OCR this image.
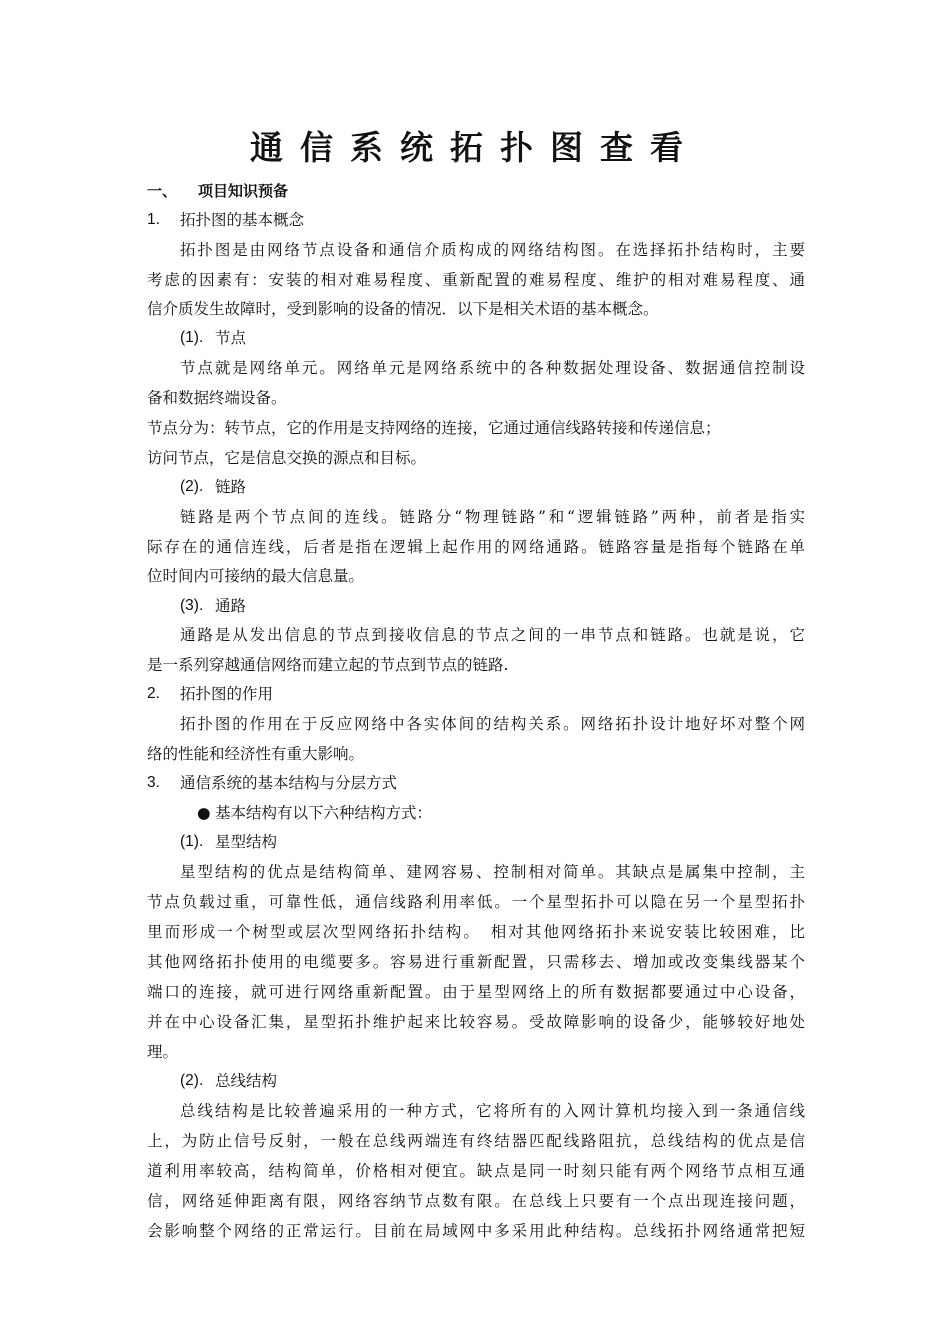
通信系统拓扑图查看
一、 项目知识预备
1. 拓扑图的基本概念
拓扑图是由网络节点设备和通信介质构成的网络结构图。在选择拓扑结构时，主要
考虑的因素有：安装的相对难易程度、重新配置的难易程度、维护的相对难易程度、通
信介质发生故障时，受到影响的设备的情况．以下是相关术语的基本概念。
(1). 节点
节点就是网络单元。网络单元是网络系统中的各种数据处理设备、数据通信控制设
备和数据终端设备。
节点分为：转节点，它的作用是支持网络的连接，它通过通信线路转接和传递信息；
访问节点，它是信息交换的源点和目标。
(2). 链路
链路是两个节点间的连线。链路分“物理链路”和“逻辑链路”两种，前者是指实
际存在的通信连线，后者是指在逻辑上起作用的网络通路。链路容量是指每个链路在单
位时间内可接纳的最大信息量。
(3). 通路
通路是从发出信息的节点到接收信息的节点之间的一串节点和链路。也就是说，它
是一系列穿越通信网络而建立起的节点到节点的链路.
2. 拓扑图的作用
拓扑图的作用在于反应网络中各实体间的结构关系。网络拓扑设计地好坏对整个网
络的性能和经济性有重大影响。
3. 通信系统的基本结构与分层方式
● 基本结构有以下六种结构方式：
(1). 星型结构
星型结构的优点是结构简单、建网容易、控制相对简单。其缺点是属集中控制，主
节点负载过重，可靠性低，通信线路利用率低。一个星型拓扑可以隐在另一个星型拓扑
里而形成一个树型或层次型网络拓扑结构。　相对其他网络拓扑来说安装比较困难，比
其他网络拓扑使用的电缆要多。容易进行重新配置，只需移去、增加或改变集线器某个
端口的连接，就可进行网络重新配置。由于星型网络上的所有数据都要通过中心设备，
并在中心设备汇集，星型拓扑维护起来比较容易。受故障影响的设备少，能够较好地处
理。
(2). 总线结构
总线结构是比较普遍采用的一种方式，它将所有的入网计算机均接入到一条通信线
上，为防止信号反射，一般在总线两端连有终结器匹配线路阻抗，总线结构的优点是信
道利用率较高，结构简单，价格相对便宜。缺点是同一时刻只能有两个网络节点相互通
信，网络延伸距离有限，网络容纳节点数有限。在总线上只要有一个点出现连接问题，
会影响整个网络的正常运行。目前在局域网中多采用此种结构。总线拓扑网络通常把短
